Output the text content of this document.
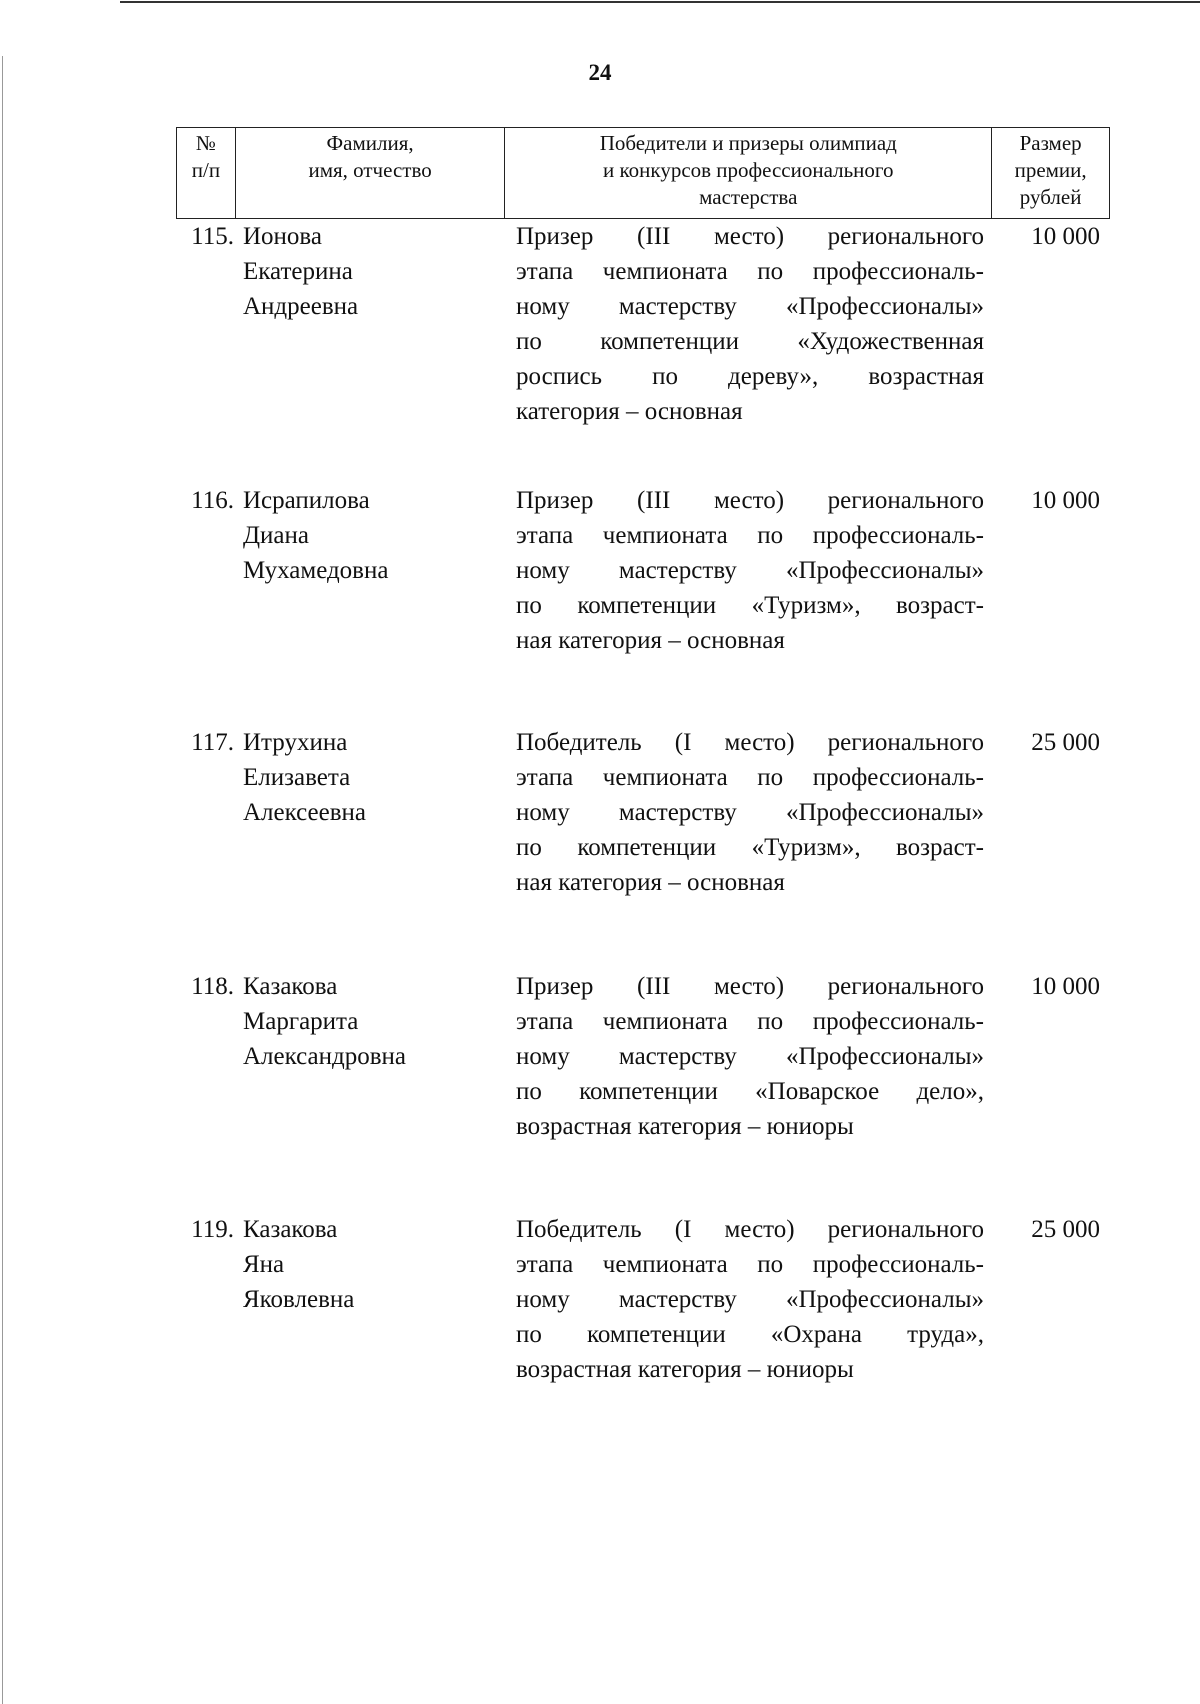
24
№
п/п
Фамилия,
имя, отчество
Победители и призеры олимпиад
и конкурсов профессионального
мастерства
Размер
премии,
рублей
115. Ионова
Екатерина
Андреевна
Призер (III место) регионального
этапа чемпионата по профессиональ-
ному мастерству «Профессионалы»
по компетенции «Художественная
роспись по дереву», возрастная
категория – основная
10 000
116. Исрапилова
Диана
Мухамедовна
Призер (III место) регионального
этапа чемпионата по профессиональ-
ному мастерству «Профессионалы»
по компетенции «Туризм», возраст-
ная категория – основная
10 000
117. Итрухина
Елизавета
Алексеевна
Победитель (I место) регионального
этапа чемпионата по профессиональ-
ному мастерству «Профессионалы»
по компетенции «Туризм», возраст-
ная категория – основная
25 000
118. Казакова
Маргарита
Александровна
Призер (III место) регионального
этапа чемпионата по профессиональ-
ному мастерству «Профессионалы»
по компетенции «Поварское дело»,
возрастная категория – юниоры
10 000
119. Казакова
Яна
Яковлевна
Победитель (I место) регионального
этапа чемпионата по профессиональ-
ному мастерству «Профессионалы»
по компетенции «Охрана труда»,
возрастная категория – юниоры
25 000
